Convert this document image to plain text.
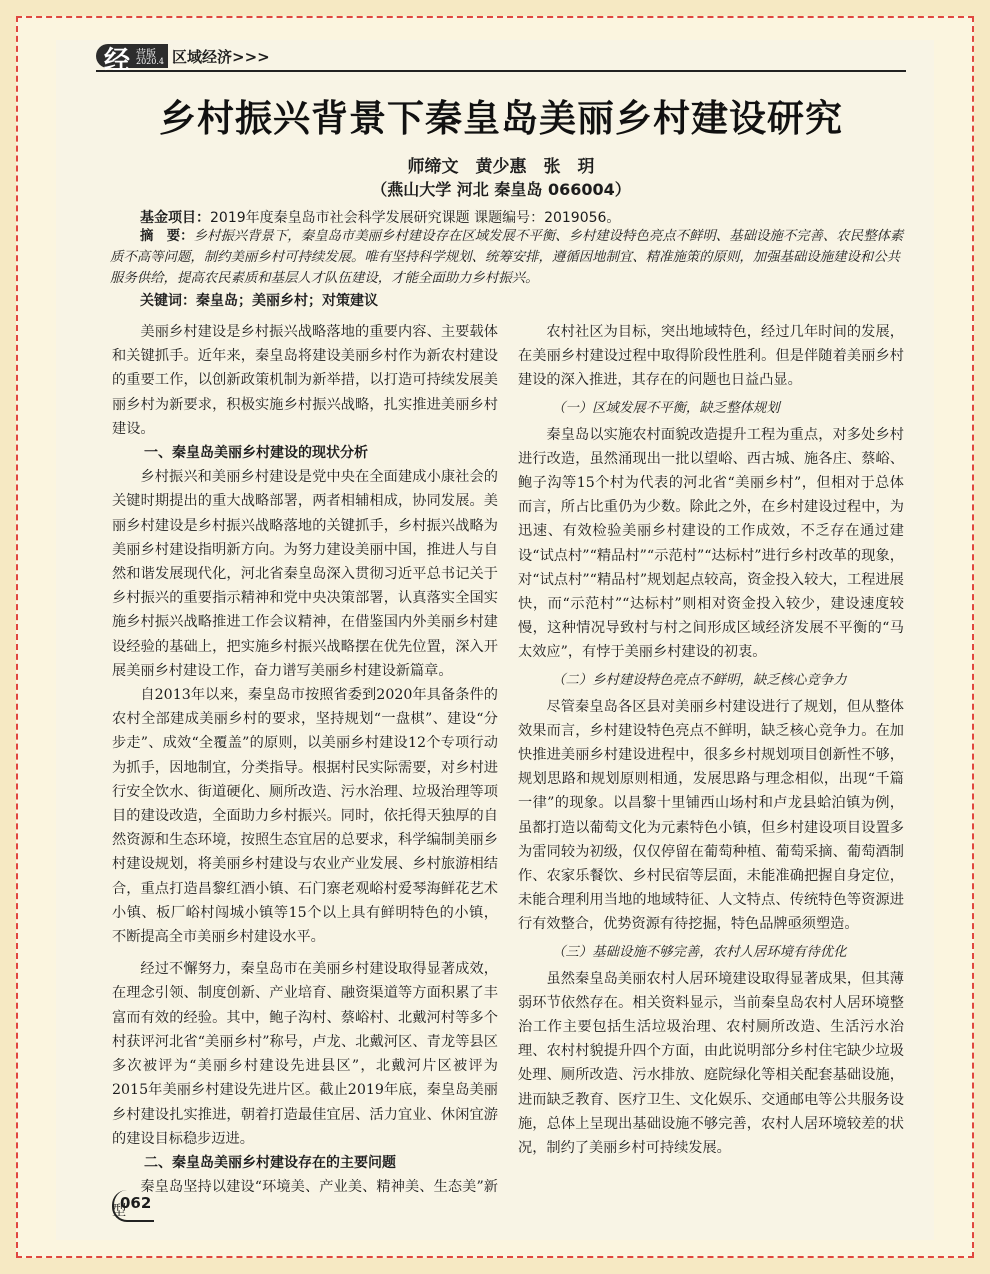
经 营版
2020.4 区域经济>>>
乡村振兴背景下秦皇岛美丽乡村建设研究
师缔文　黄少惠　张　玥
（燕山大学 河北 秦皇岛 066004）
基金项目：2019年度秦皇岛市社会科学发展研究课题 课题编号：2019056。
摘　要：乡村振兴背景下，秦皇岛市美丽乡村建设存在区域发展不平衡、乡村建设特色亮点不鲜明、基础设施不完善、农民整体素质不高等问题，制约美丽乡村可持续发展。唯有坚持科学规划、统筹安排，遵循因地制宜、精准施策的原则，加强基础设施建设和公共服务供给，提高农民素质和基层人才队伍建设，才能全面助力乡村振兴。
关键词：秦皇岛；美丽乡村；对策建议

美丽乡村建设是乡村振兴战略落地的重要内容、主要载体和关键抓手。近年来，秦皇岛将建设美丽乡村作为新农村建设的重要工作，以创新政策机制为新举措，以打造可持续发展美丽乡村为新要求，积极实施乡村振兴战略，扎实推进美丽乡村建设。

一、秦皇岛美丽乡村建设的现状分析

乡村振兴和美丽乡村建设是党中央在全面建成小康社会的关键时期提出的重大战略部署，两者相辅相成，协同发展。美丽乡村建设是乡村振兴战略落地的关键抓手，乡村振兴战略为美丽乡村建设指明新方向。为努力建设美丽中国，推进人与自然和谐发展现代化，河北省秦皇岛深入贯彻习近平总书记关于乡村振兴的重要指示精神和党中央决策部署，认真落实全国实施乡村振兴战略推进工作会议精神，在借鉴国内外美丽乡村建设经验的基础上，把实施乡村振兴战略摆在优先位置，深入开展美丽乡村建设工作，奋力谱写美丽乡村建设新篇章。

自2013年以来，秦皇岛市按照省委到2020年具备条件的农村全部建成美丽乡村的要求，坚持规划“一盘棋”、建设“分步走”、成效“全覆盖”的原则，以美丽乡村建设12个专项行动为抓手，因地制宜，分类指导。根据村民实际需要，对乡村进行安全饮水、街道硬化、厕所改造、污水治理、垃圾治理等项目的建设改造，全面助力乡村振兴。同时，依托得天独厚的自然资源和生态环境，按照生态宜居的总要求，科学编制美丽乡村建设规划，将美丽乡村建设与农业产业发展、乡村旅游相结合，重点打造昌黎红酒小镇、石门寨老观峪村爱琴海鲜花艺术小镇、板厂峪村闯城小镇等15个以上具有鲜明特色的小镇，不断提高全市美丽乡村建设水平。

经过不懈努力，秦皇岛市在美丽乡村建设取得显著成效，在理念引领、制度创新、产业培育、融资渠道等方面积累了丰富而有效的经验。其中，鲍子沟村、蔡峪村、北戴河村等多个村获评河北省“美丽乡村”称号，卢龙、北戴河区、青龙等县区多次被评为“美丽乡村建设先进县区”，北戴河片区被评为2015年美丽乡村建设先进片区。截止2019年底，秦皇岛美丽乡村建设扎实推进，朝着打造最佳宜居、活力宜业、休闲宜游的建设目标稳步迈进。

二、秦皇岛美丽乡村建设存在的主要问题

秦皇岛坚持以建设“环境美、产业美、精神美、生态美”新型

农村社区为目标，突出地域特色，经过几年时间的发展，在美丽乡村建设过程中取得阶段性胜利。但是伴随着美丽乡村建设的深入推进，其存在的问题也日益凸显。

（一）区域发展不平衡，缺乏整体规划

秦皇岛以实施农村面貌改造提升工程为重点，对多处乡村进行改造，虽然涌现出一批以望峪、西古城、施各庄、蔡峪、鲍子沟等15个村为代表的河北省“美丽乡村”，但相对于总体而言，所占比重仍为少数。除此之外，在乡村建设过程中，为迅速、有效检验美丽乡村建设的工作成效，不乏存在通过建设“试点村”“精品村”“示范村”“达标村”进行乡村改革的现象，对“试点村”“精品村”规划起点较高，资金投入较大，工程进展快，而“示范村”“达标村”则相对资金投入较少，建设速度较慢，这种情况导致村与村之间形成区域经济发展不平衡的“马太效应”，有悖于美丽乡村建设的初衷。

（二）乡村建设特色亮点不鲜明，缺乏核心竞争力

尽管秦皇岛各区县对美丽乡村建设进行了规划，但从整体效果而言，乡村建设特色亮点不鲜明，缺乏核心竞争力。在加快推进美丽乡村建设进程中，很多乡村规划项目创新性不够，规划思路和规划原则相通，发展思路与理念相似，出现“千篇一律”的现象。以昌黎十里铺西山场村和卢龙县蛤泊镇为例，虽都打造以葡萄文化为元素特色小镇，但乡村建设项目设置多为雷同较为初级，仅仅停留在葡萄种植、葡萄采摘、葡萄酒制作、农家乐餐饮、乡村民宿等层面，未能准确把握自身定位，未能合理利用当地的地域特征、人文特点、传统特色等资源进行有效整合，优势资源有待挖掘，特色品牌亟须塑造。

（三）基础设施不够完善，农村人居环境有待优化

虽然秦皇岛美丽农村人居环境建设取得显著成果，但其薄弱环节依然存在。相关资料显示，当前秦皇岛农村人居环境整治工作主要包括生活垃圾治理、农村厕所改造、生活污水治理、农村村貌提升四个方面，由此说明部分乡村住宅缺少垃圾处理、厕所改造、污水排放、庭院绿化等相关配套基础设施，进而缺乏教育、医疗卫生、文化娱乐、交通邮电等公共服务设施，总体上呈现出基础设施不够完善，农村人居环境较差的状况，制约了美丽乡村可持续发展。

062
